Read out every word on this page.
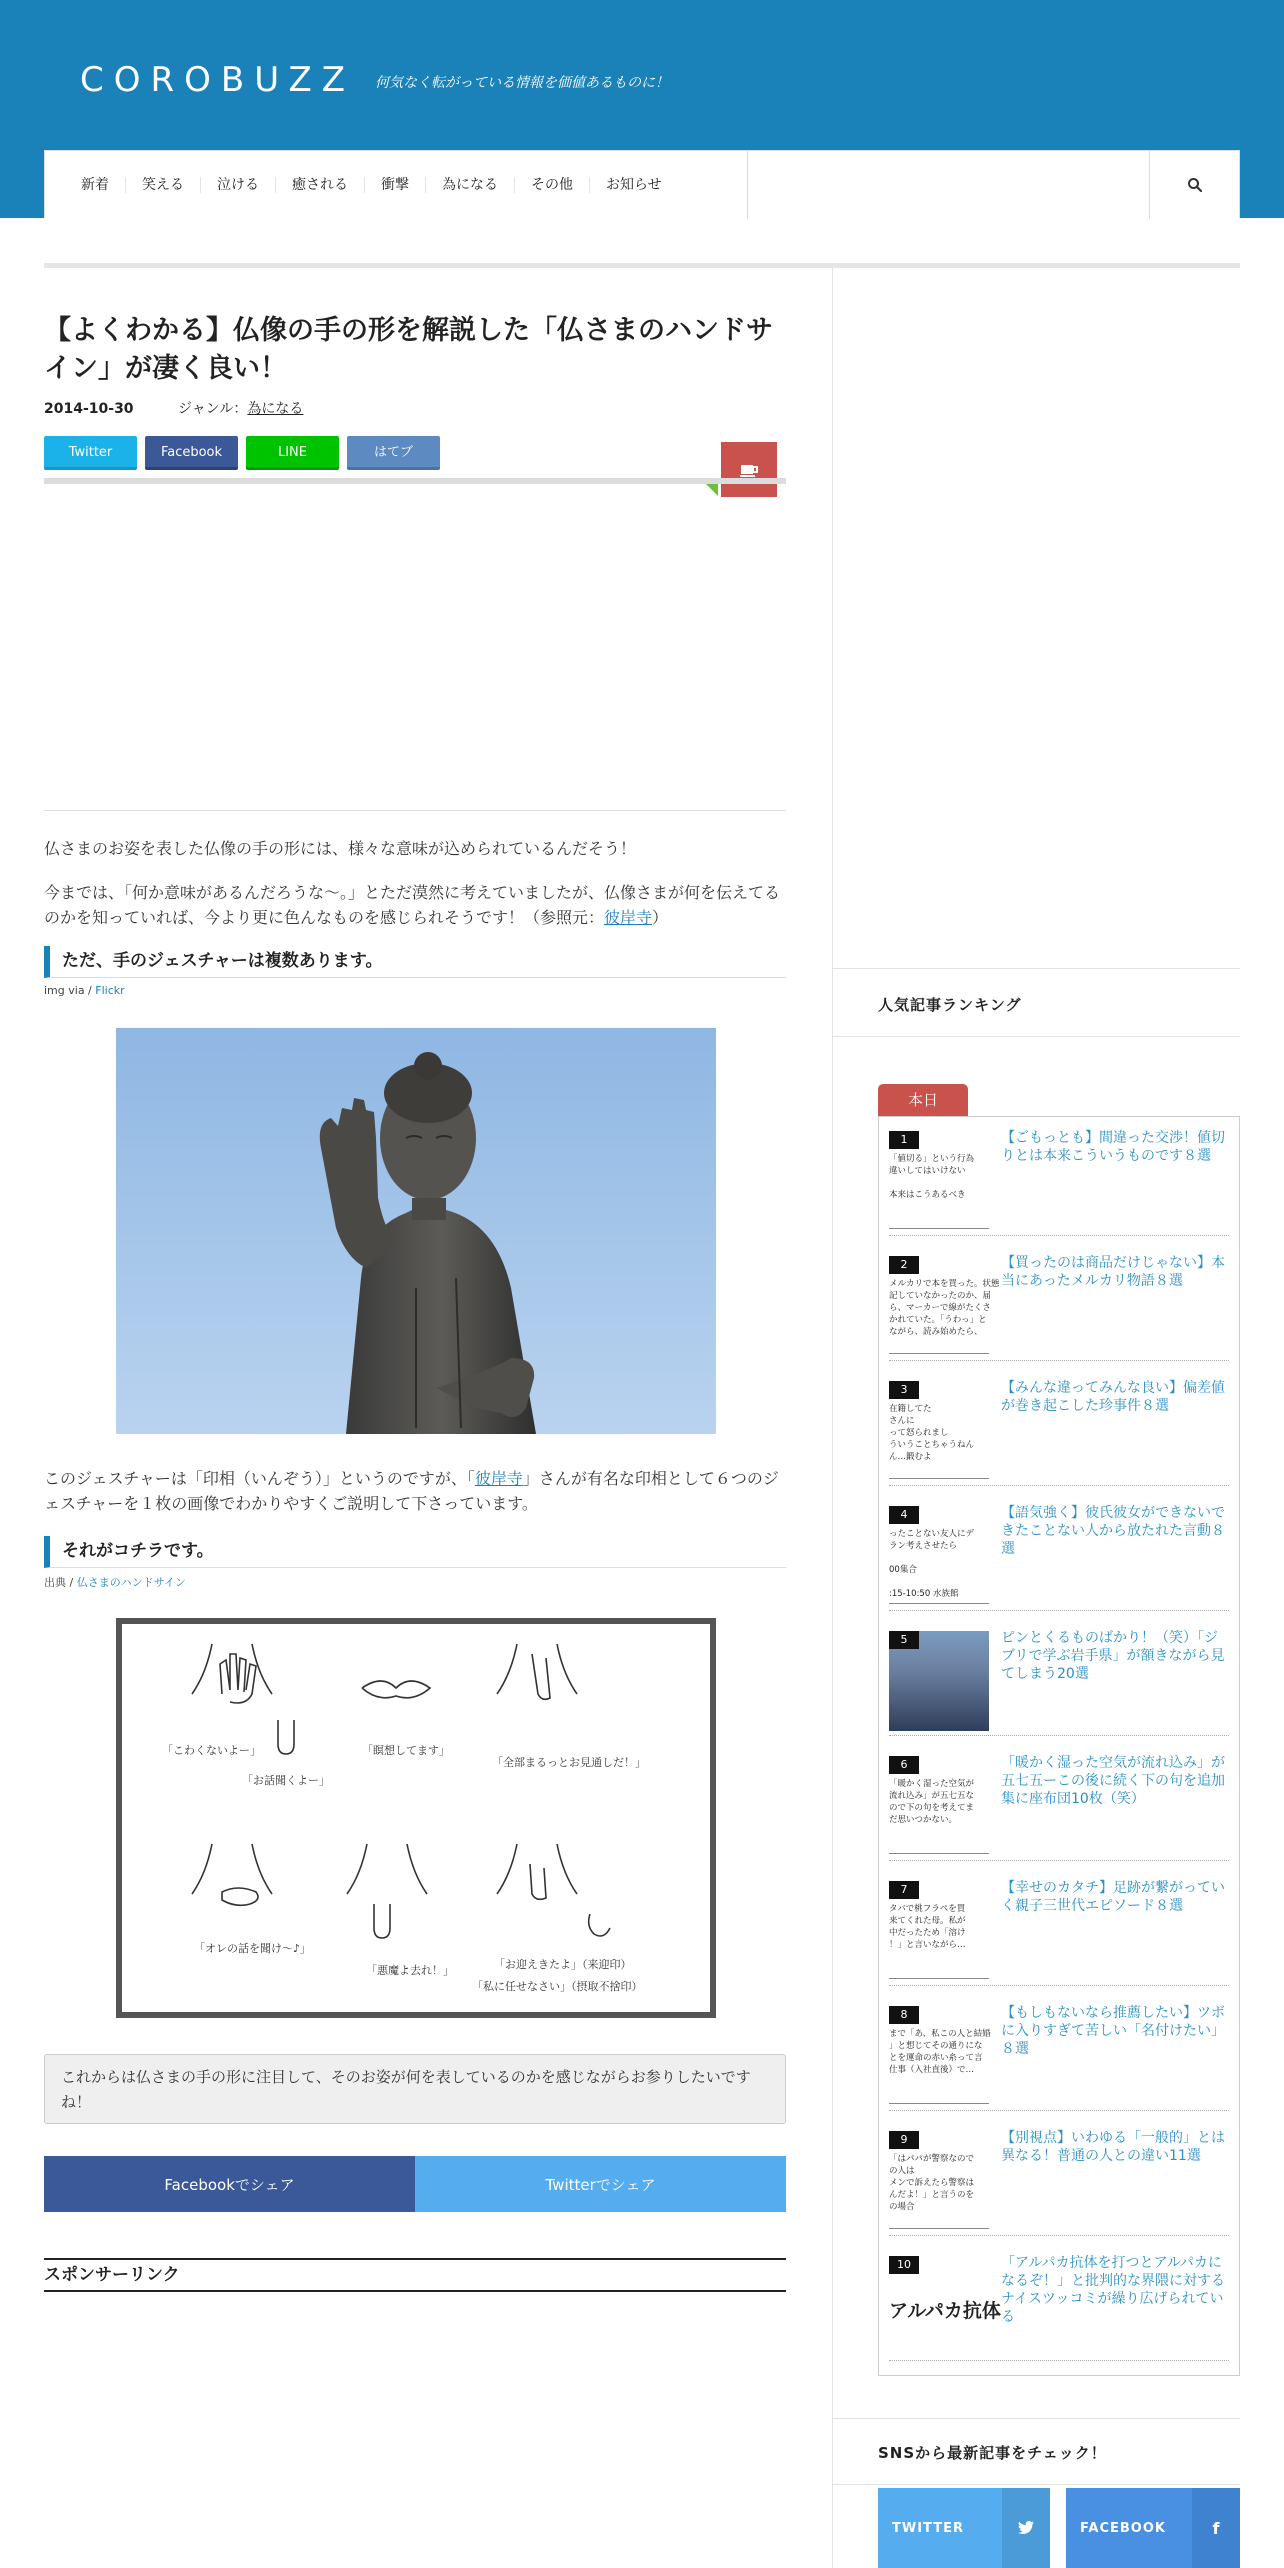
COROBUZZ 何気なく転がっている情報を価値あるものに！
新着	笑える	泣ける	癒される	衝撃	為になる	その他	お知らせ
【よくわかる】仏像の手の形を解説した「仏さまのハンドサイン」が凄く良い！
2014-10-30	ジャンル：為になる
Twitter	Facebook	LINE	はてブ

仏さまのお姿を表した仏像の手の形には、様々な意味が込められているんだそう！

今までは、「何か意味があるんだろうな〜。」とただ漠然に考えていましたが、仏像さまが何を伝えてるのかを知っていれば、今より更に色んなものを感じられそうです！（参照元：彼岸寺）

ただ、手のジェスチャーは複数あります。
img via / Flickr

このジェスチャーは「印相（いんぞう）」というのですが、「彼岸寺」さんが有名な印相として６つのジェスチャーを１枚の画像でわかりやすくご説明して下さっています。

それがコチラです。
出典 / 仏さまのハンドサイン
「こわくないよー」
「お話聞くよー」
「瞑想してます」
「全部まるっとお見通しだ！」
「オレの話を聞け〜♪」
「悪魔よ去れ！」	「お迎えきたよ」（来迎印）
「私に任せなさい」（摂取不捨印）
これからは仏さまの手の形に注目して、そのお姿が何を表しているのかを感じながらお参りしたいですね！
Facebookでシェア	Twitterでシェア
スポンサーリンク
人気記事ランキング
本日
1
「値切る」という行為
違いしてはいけない

本来はこうあるべき
【ごもっとも】間違った交渉！値切りとは本来こういうものです８選
2
メルカリで本を買った。状態
記していなかったのか、届
ら、マーカーで線がたくさ
かれていた。「うわっ」と
ながら、読み始めたら、
【買ったのは商品だけじゃない】本当にあったメルカリ物語８選
3
在籍してた
さんに
って怒られまし
ういうことちゃうねん
ん…鍛むよ
【みんな違ってみんな良い】偏差値が巻き起こした珍事件８選
4
ったことない友人にデ
ラン考えさせたら

00集合

:15-10:50 水族館
【語気強く】彼氏彼女ができないできたことない人から放たれた言動８選
5	ピンとくるものばかり！（笑）「ジブリで学ぶ岩手県」が額きながら見てしまう20選
6
「暖かく湿った空気が
流れ込み」が五七五な
ので下の句を考えてま
だ思いつかない。
「暖かく湿った空気が流れ込み」が五七五ーこの後に続く下の句を追加集に座布団10枚（笑）
7
タバで桃フラペを買
来てくれた母。私が
中だったため「溶け
！」と言いながら…
【幸せのカタチ】足跡が繋がっていく親子三世代エピソード８選
8
まで「あ、私この人と結婚
」と想じてその通りにな
とを運命の赤い糸って言
仕事（入社直後）で…
【もしもないなら推薦したい】ツボに入りすぎて苦しい「名付けたい」８選
9
「はパパが警察なので
の人は
メンで訴えたら警察は
んだよ！」と言うのを
の場合
【別視点】いわゆる「一般的」とは異なる！普通の人との違い11選
10
アルパカ抗体
「アルパカ抗体を打つとアルパカになるぞ！」と批判的な界隈に対するナイスツッコミが繰り広げられている
SNSから最新記事をチェック！
TWITTER	FACEBOOK	f
